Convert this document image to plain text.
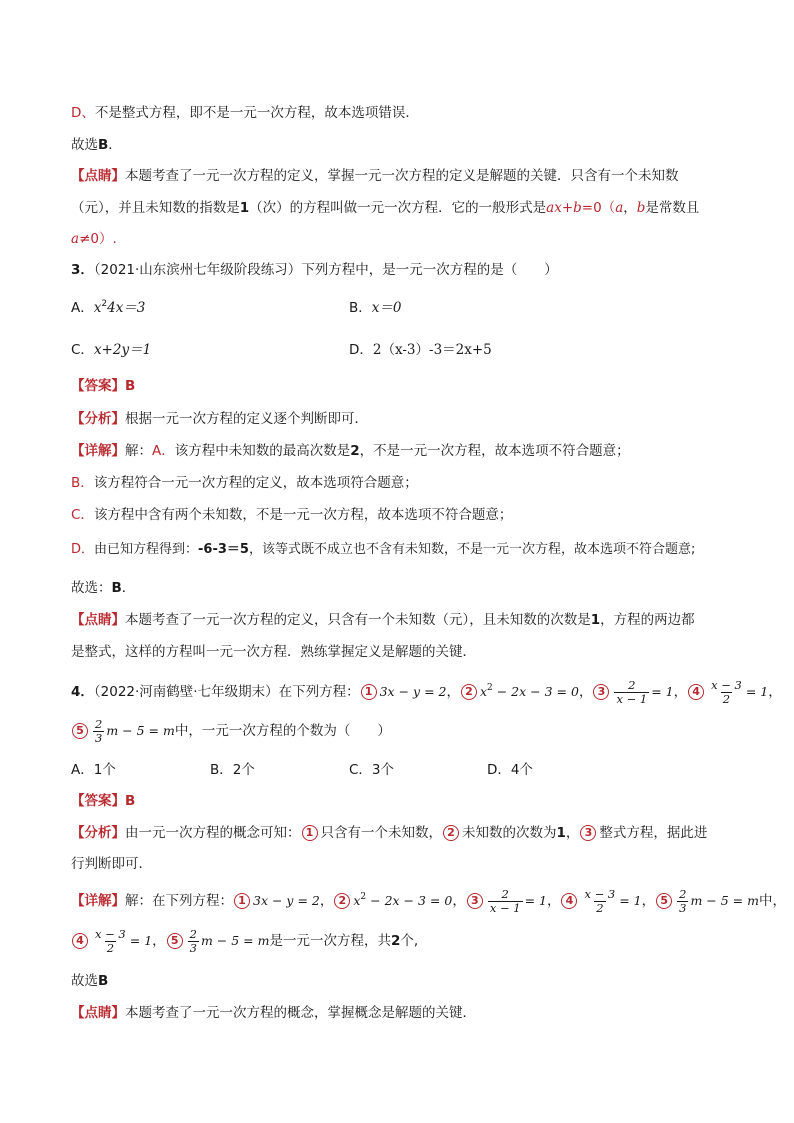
D、不是整式方程，即不是一元一次方程，故本选项错误．
故选B．
【点睛】本题考查了一元一次方程的定义，掌握一元一次方程的定义是解题的关键．只含有一个未知数
（元），并且未知数的指数是1（次）的方程叫做一元一次方程．它的一般形式是ax+b=0（a，b是常数且
a≠0）.
3．（2021·山东滨州七年级阶段练习）下列方程中，是一元一次方程的是（　　）
A．$x^24x=3$	B．x＝0
C．x+2y＝1	D．2（x-3）-3＝2x+5
【答案】B
【分析】根据一元一次方程的定义逐个判断即可．
【详解】解：A．该方程中未知数的最高次数是2，不是一元一次方程，故本选项不符合题意；
B．该方程符合一元一次方程的定义，故本选项符合题意；
C．该方程中含有两个未知数，不是一元一次方程，故本选项不符合题意；
D．由已知方程得到：-6-3＝5，该等式既不成立也不含有未知数，不是一元一次方程，故本选项不符合题意;
故选：B．
【点睛】本题考查了一元一次方程的定义，只含有一个未知数（元），且未知数的次数是1，方程的两边都
是整式，这样的方程叫一元一次方程．熟练掌握定义是解题的关键．
4．（2022·河南鹤壁·七年级期末）在下列方程： 1 3x − y = 2， 2 $x^2 - 2x - 3 = 0$， $3 \frac{2}{x - 1} = 1$， $4 \frac{x - 3}{2} = 1$，
$5 \frac{2}{3}$ m − 5 = m中，一元一次方程的个数为（　　）
A．1个	B．2个	C．3个	D．4个
【答案】B
【分析】由一元一次方程的概念可知： 1 只含有一个未知数， 2 未知数的次数为1， 3 整式方程，据此进
行判断即可．
【详解】解：在下列方程： 1 3x − y = 2， 2 $x^2 - 2x - 3 = 0$， $3 \frac{2}{x - 1} = 1$， $4 \frac{x - 3}{2} = 1$， $5 \frac{2}{3}$ m − 5 = m中，
$4 \frac{x - 3}{2} = 1$， $5 \frac{2}{3}$ m − 5 = m是一元一次方程，共2个,
故选B
【点睛】本题考查了一元一次方程的概念，掌握概念是解题的关键．
